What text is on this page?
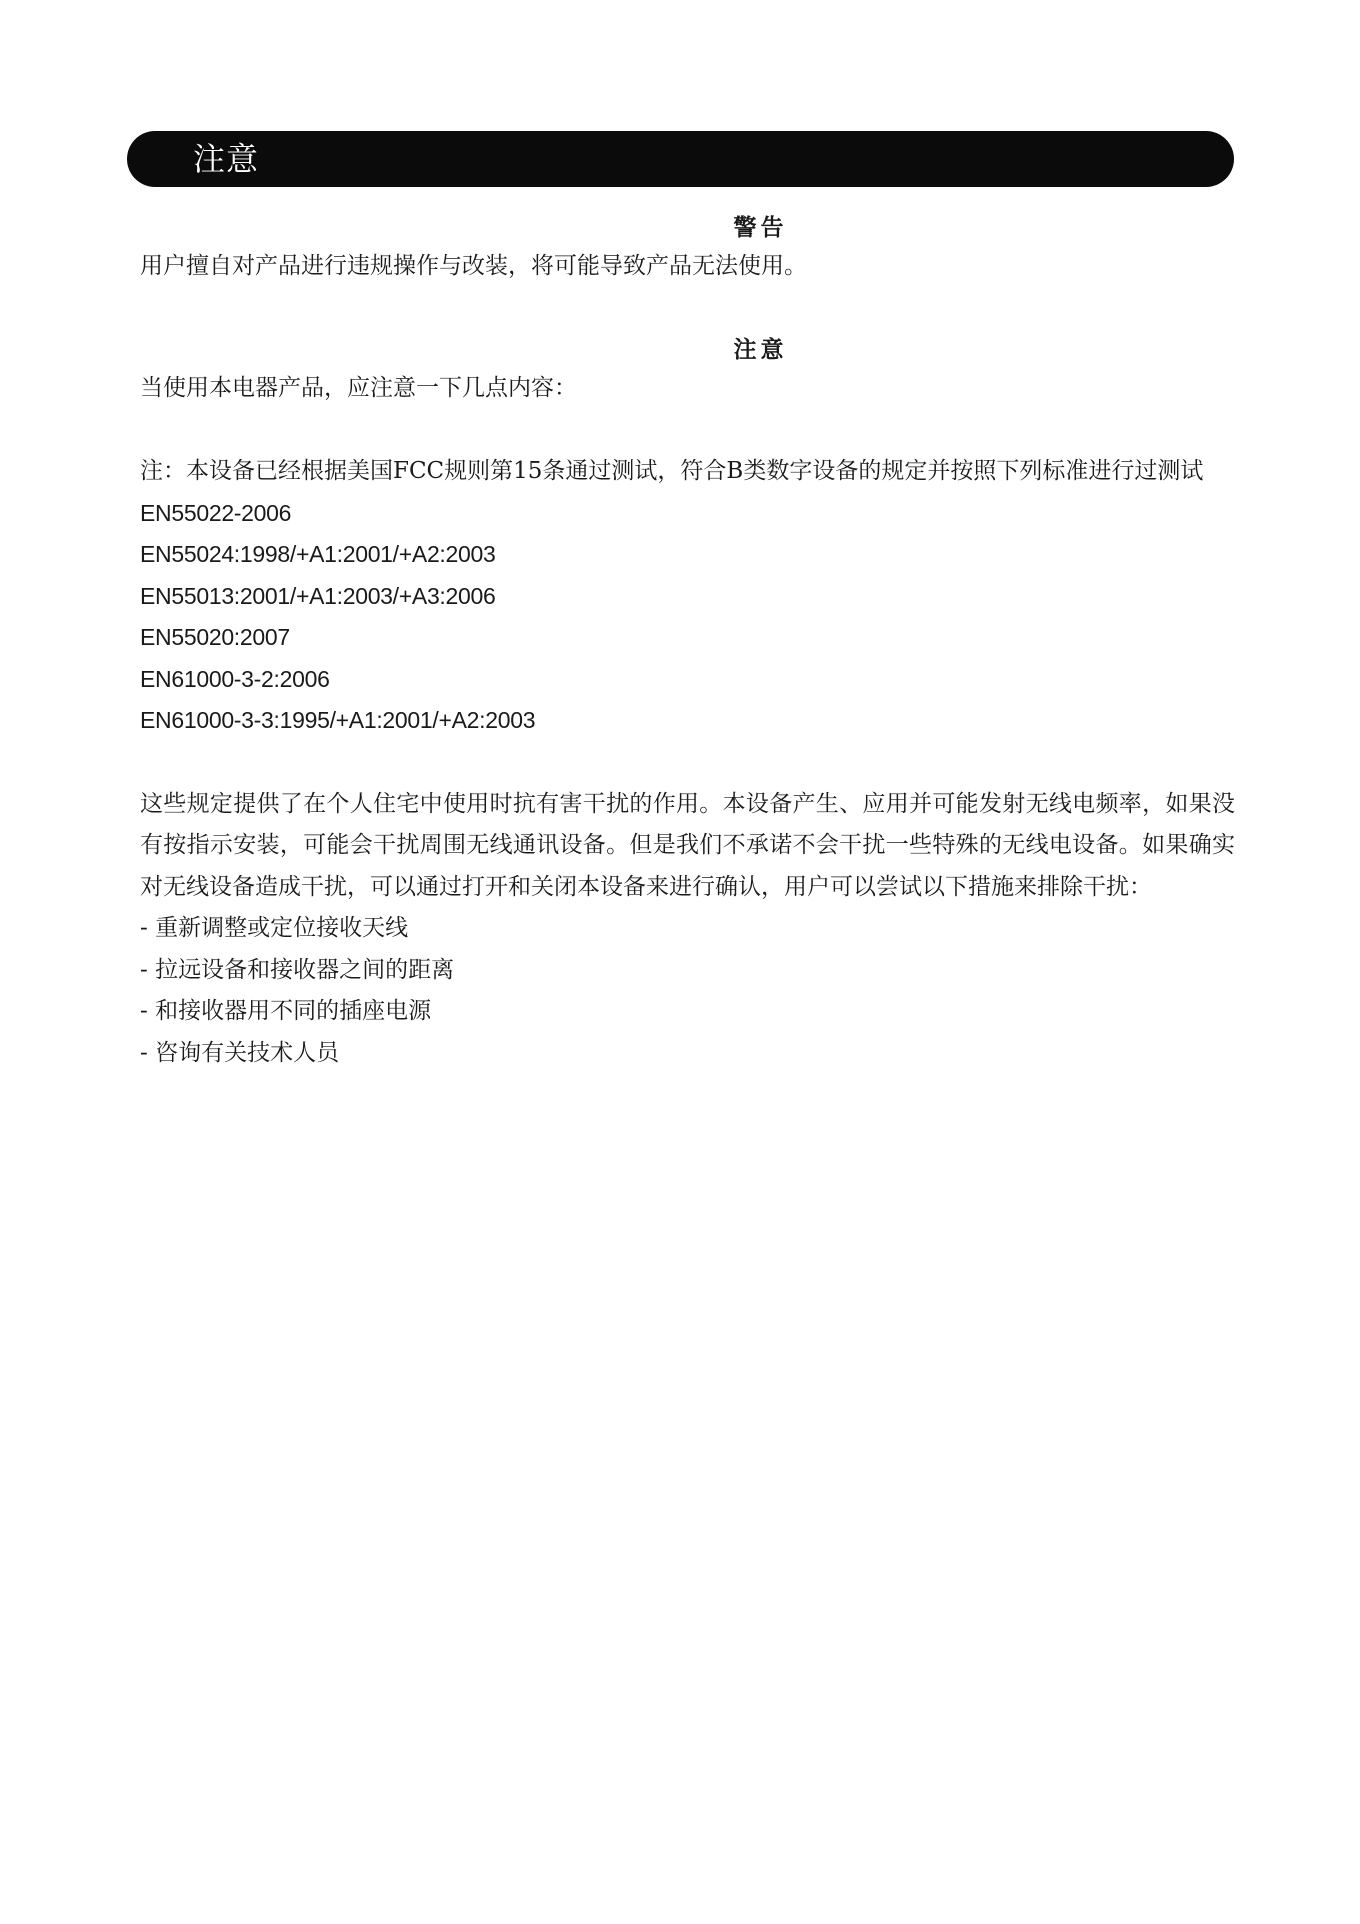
注意
警告

用户擅自对产品进行违规操作与改装，将可能导致产品无法使用。

注意

当使用本电器产品，应注意一下几点内容：

注：本设备已经根据美国FCC规则第15条通过测试，符合B类数字设备的规定并按照下列标准进行过测试

EN55022-2006
EN55024:1998/+A1:2001/+A2:2003
EN55013:2001/+A1:2003/+A3:2006
EN55020:2007
EN61000-3-2:2006
EN61000-3-3:1995/+A1:2001/+A2:2003

这些规定提供了在个人住宅中使用时抗有害干扰的作用。本设备产生、应用并可能发射无线电频率，如果没有按指示安装，可能会干扰周围无线通讯设备。但是我们不承诺不会干扰一些特殊的无线电设备。如果确实对无线设备造成干扰，可以通过打开和关闭本设备来进行确认，用户可以尝试以下措施来排除干扰：

- 重新调整或定位接收天线
- 拉远设备和接收器之间的距离
- 和接收器用不同的插座电源
- 咨询有关技术人员
